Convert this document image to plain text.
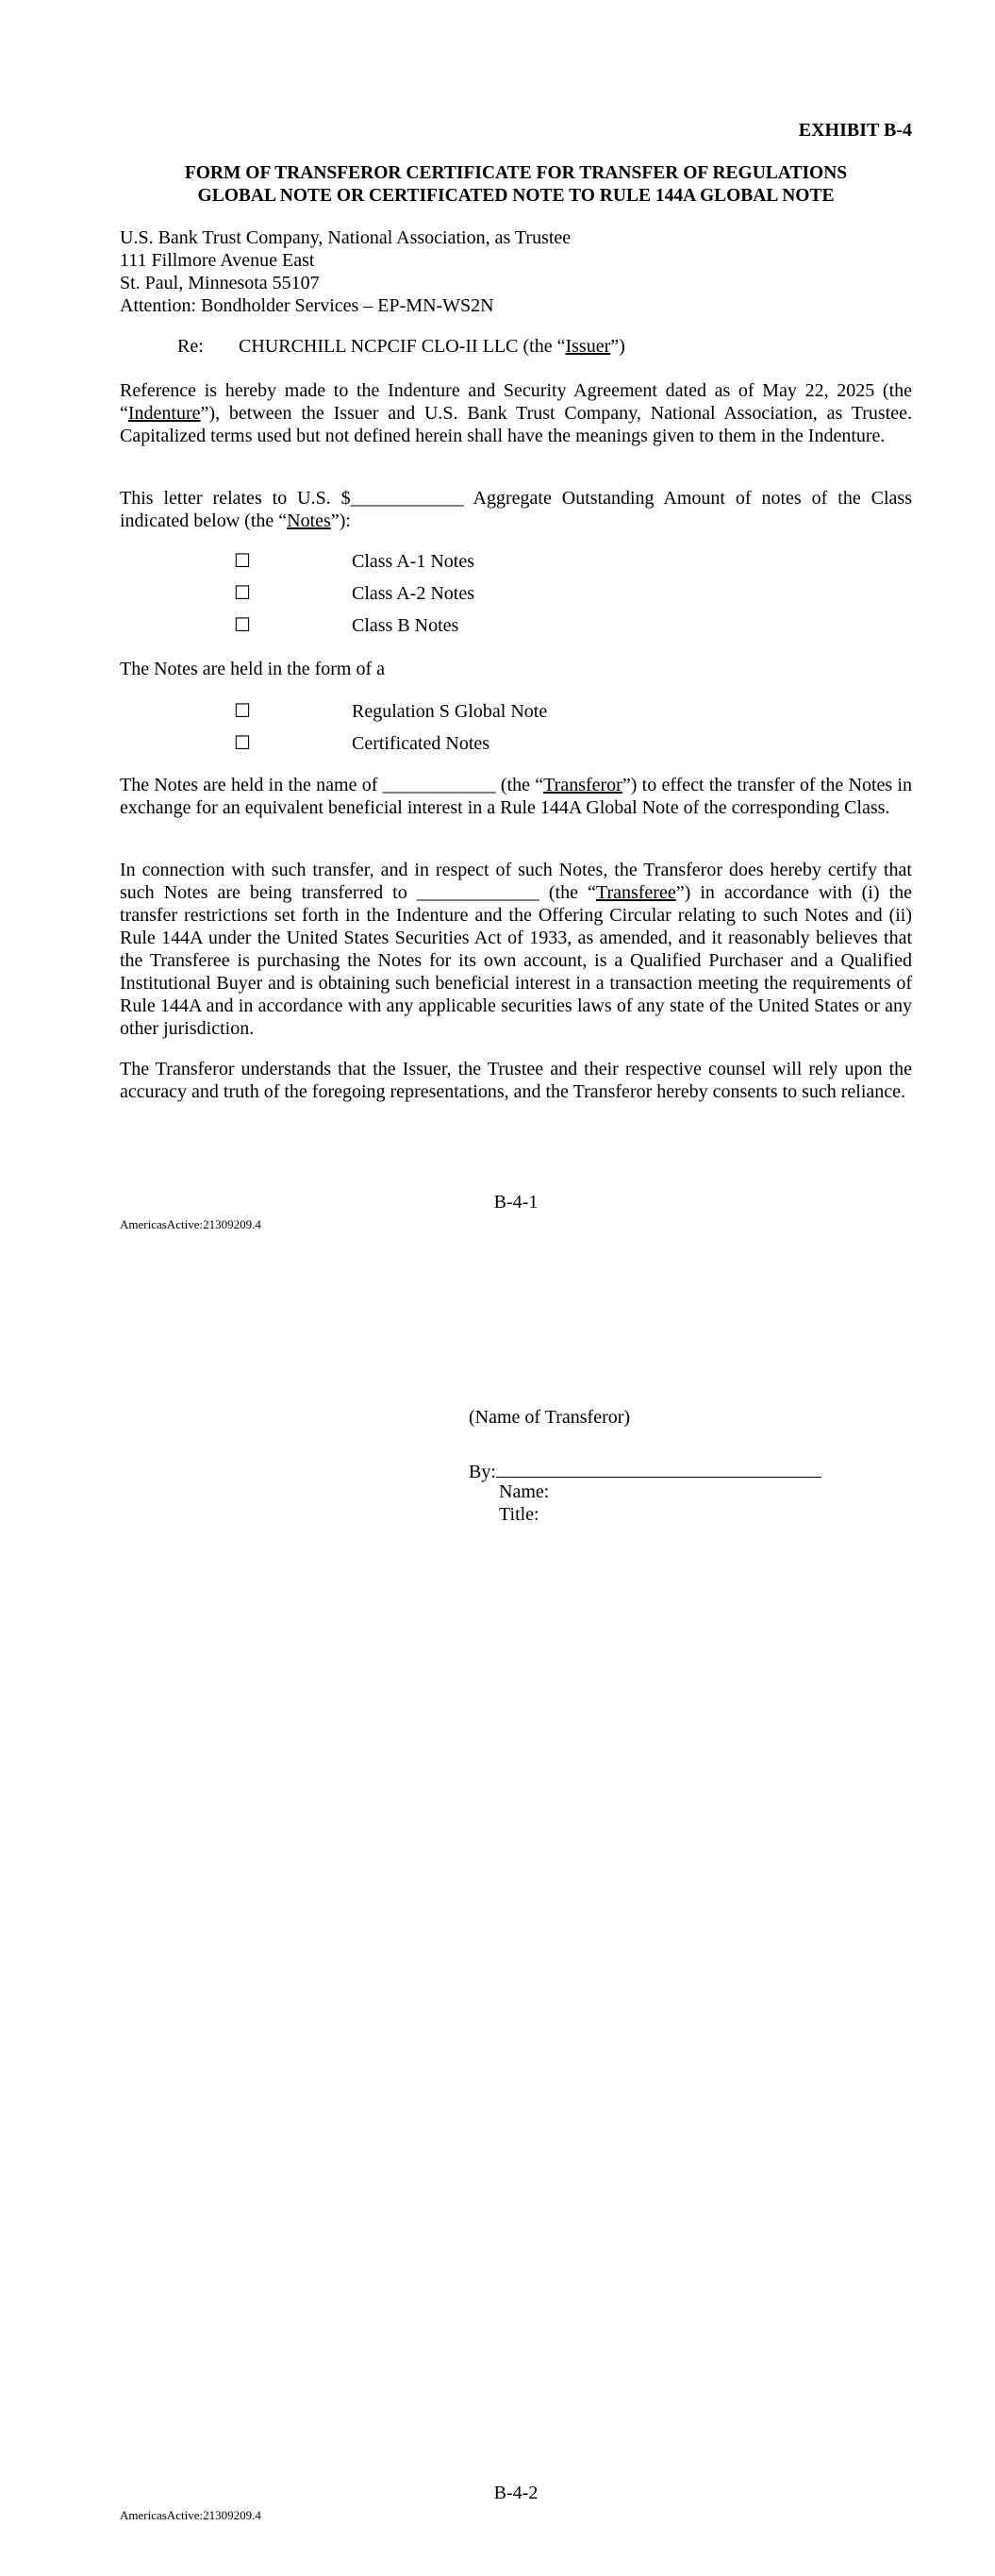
EXHIBIT B-4
FORM OF TRANSFEROR CERTIFICATE FOR TRANSFER OF REGULATIONS
GLOBAL NOTE OR CERTIFICATED NOTE TO RULE 144A GLOBAL NOTE
U.S. Bank Trust Company, National Association, as Trustee
111 Fillmore Avenue East
St. Paul, Minnesota 55107
Attention: Bondholder Services – EP-MN-WS2N
Re: CHURCHILL NCPCIF CLO-II LLC (the “Issuer”)
Reference is hereby made to the Indenture and Security Agreement dated as of May 22, 2025 (the “Indenture”), between the Issuer and U.S. Bank Trust Company, National Association, as Trustee. Capitalized terms used but not defined herein shall have the meanings given to them in the Indenture.
This letter relates to U.S. $____________ Aggregate Outstanding Amount of notes of the Class indicated below (the “Notes”):
☐	Class A-1 Notes
☐	Class A-2 Notes
☐	Class B Notes
The Notes are held in the form of a
☐	Regulation S Global Note
☐	Certificated Notes
The Notes are held in the name of ____________ (the “Transferor”) to effect the transfer of the Notes in exchange for an equivalent beneficial interest in a Rule 144A Global Note of the corresponding Class.
In connection with such transfer, and in respect of such Notes, the Transferor does hereby certify that such Notes are being transferred to _____________ (the “Transferee”) in accordance with (i) the transfer restrictions set forth in the Indenture and the Offering Circular relating to such Notes and (ii) Rule 144A under the United States Securities Act of 1933, as amended, and it reasonably believes that the Transferee is purchasing the Notes for its own account, is a Qualified Purchaser and a Qualified Institutional Buyer and is obtaining such beneficial interest in a transaction meeting the requirements of Rule 144A and in accordance with any applicable securities laws of any state of the United States or any other jurisdiction.
The Transferor understands that the Issuer, the Trustee and their respective counsel will rely upon the accuracy and truth of the foregoing representations, and the Transferor hereby consents to such reliance.
B-4-1
AmericasActive:21309209.4
(Name of Transferor)
By:
Name:
Title:
B-4-2
AmericasActive:21309209.4
